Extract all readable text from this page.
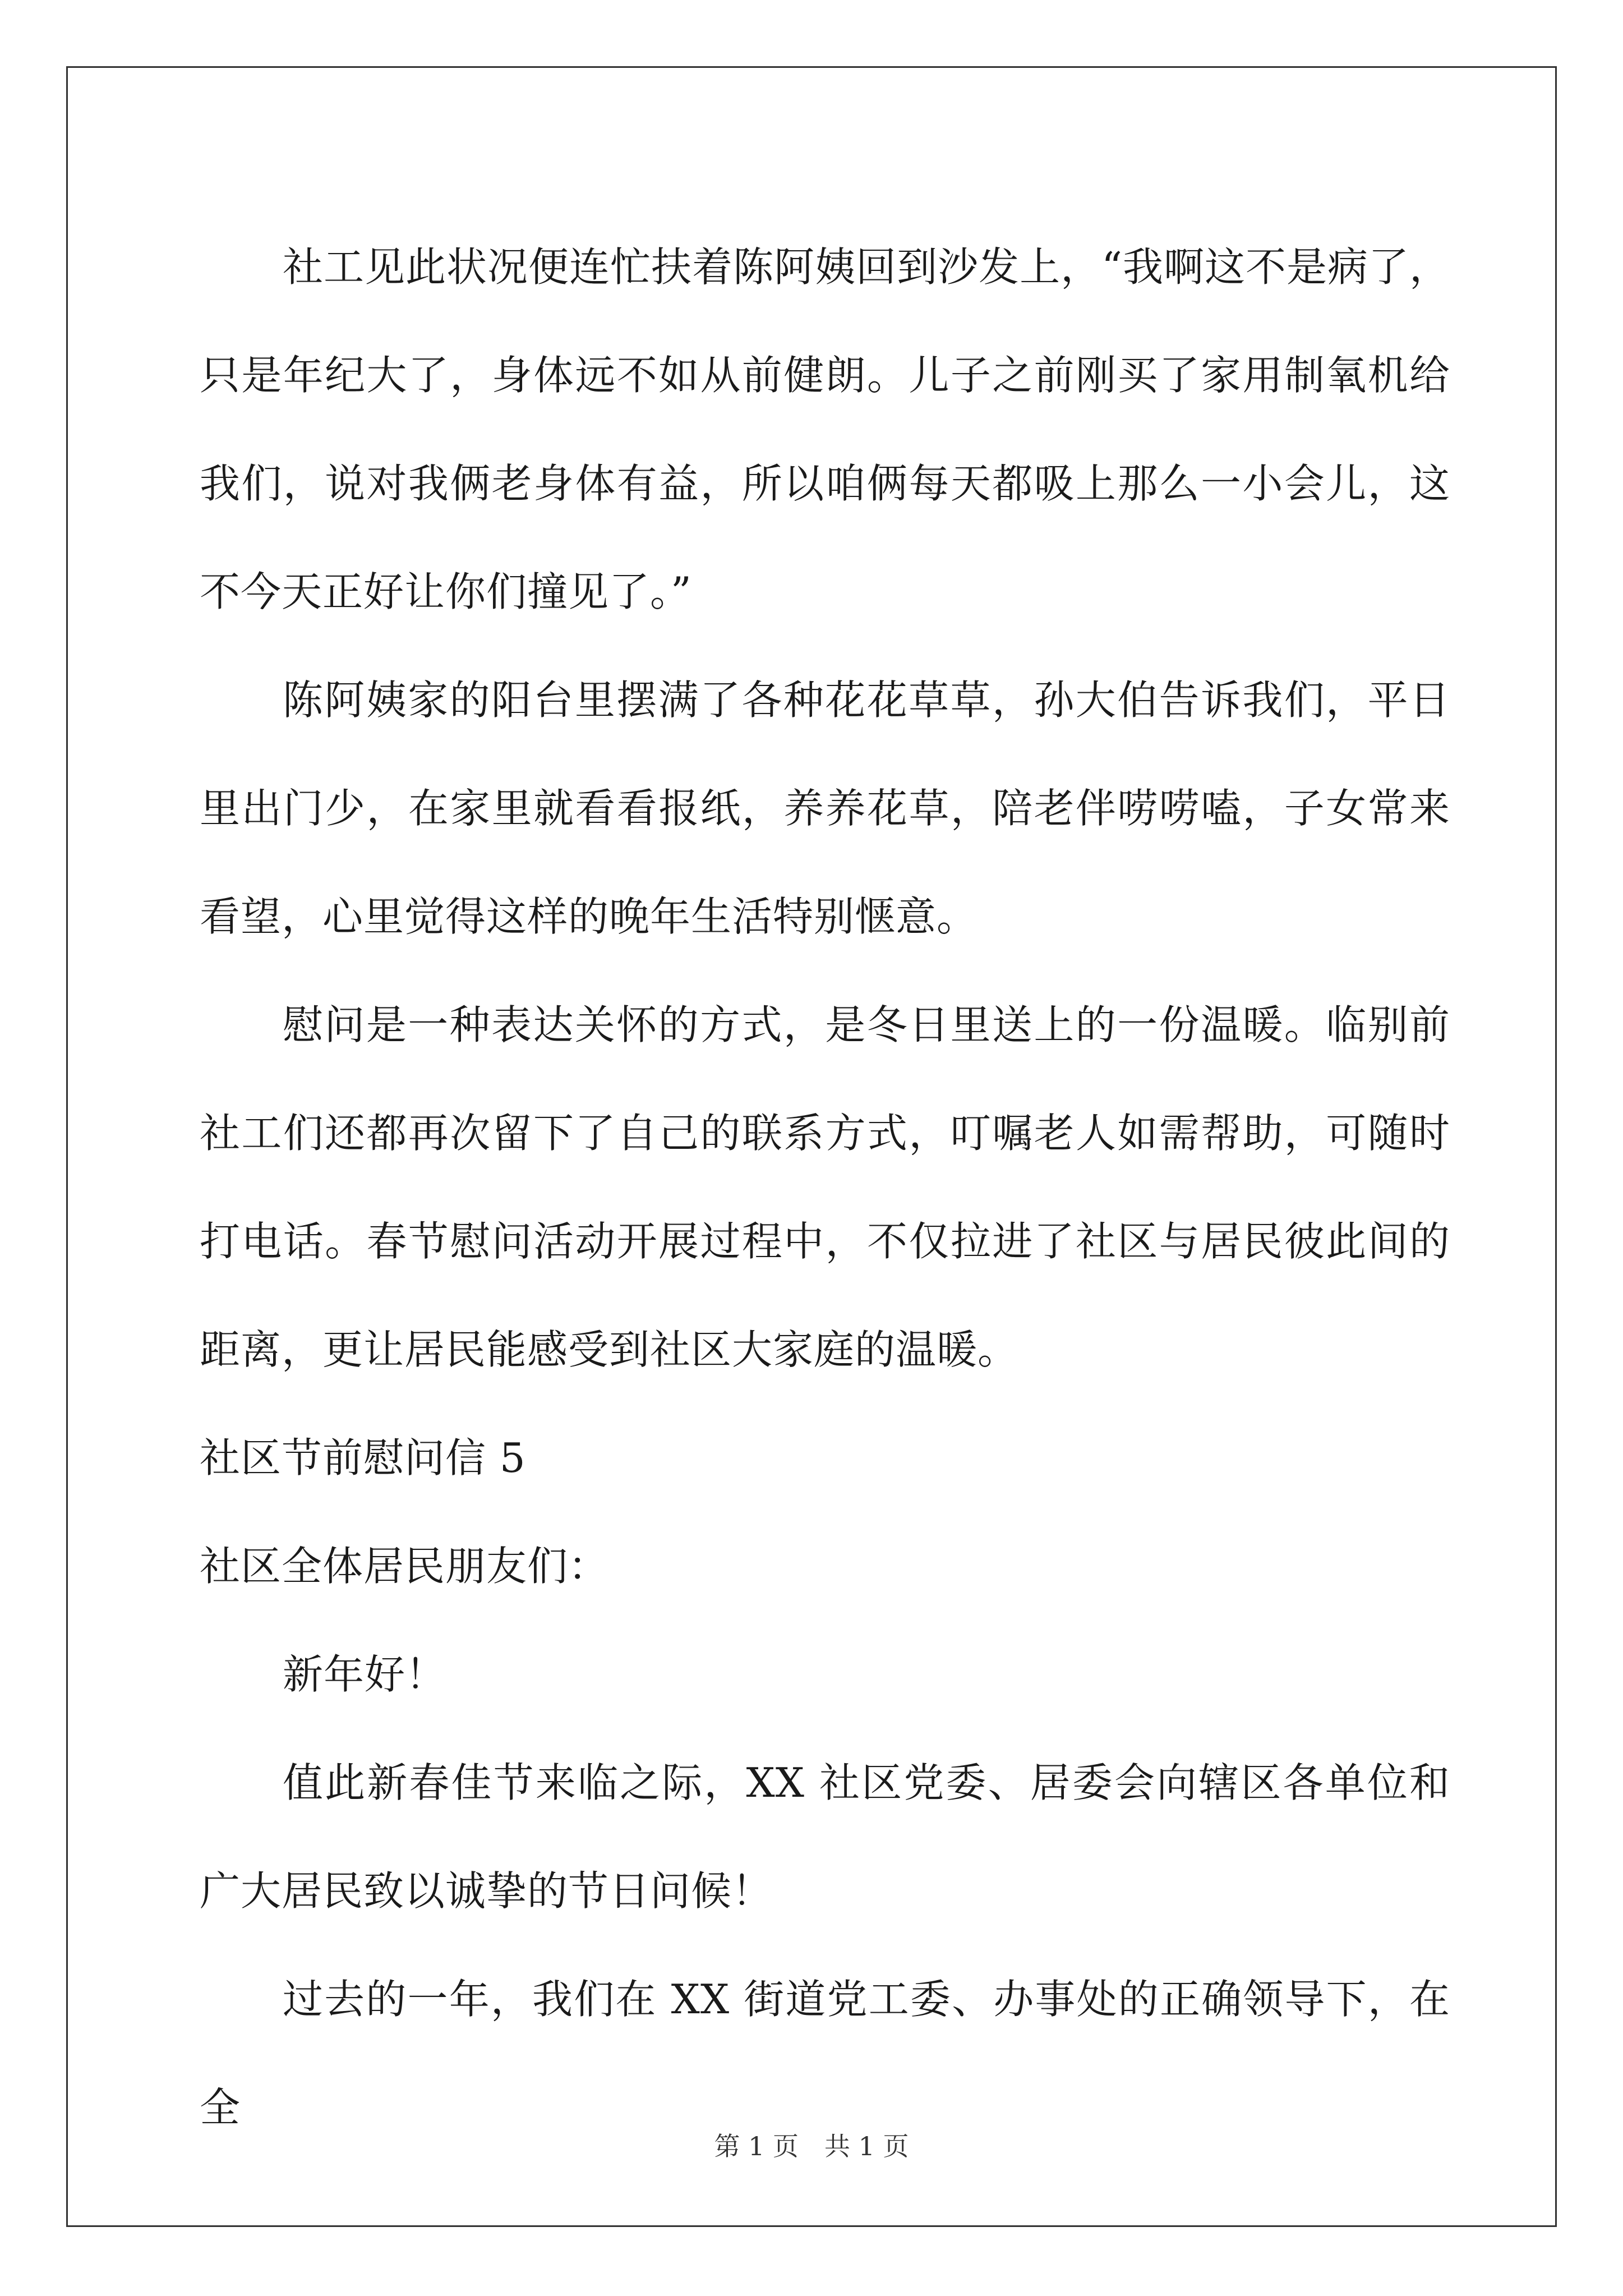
社工见此状况便连忙扶着陈阿姨回到沙发上，“我啊这不是病了，只是年纪大了，身体远不如从前健朗。儿子之前刚买了家用制氧机给我们，说对我俩老身体有益，所以咱俩每天都吸上那么一小会儿，这不今天正好让你们撞见了。”

陈阿姨家的阳台里摆满了各种花花草草，孙大伯告诉我们，平日里出门少，在家里就看看报纸，养养花草，陪老伴唠唠嗑，子女常来看望，心里觉得这样的晚年生活特别惬意。

慰问是一种表达关怀的方式，是冬日里送上的一份温暖。临别前社工们还都再次留下了自己的联系方式，叮嘱老人如需帮助，可随时打电话。春节慰问活动开展过程中，不仅拉进了社区与居民彼此间的距离，更让居民能感受到社区大家庭的温暖。

社区节前慰问信 5

社区全体居民朋友们：

新年好！

值此新春佳节来临之际，XX 社区党委、居委会向辖区各单位和广大居民致以诚挚的节日问候！

过去的一年，我们在 XX 街道党工委、办事处的正确领导下，在全

第 1 页　共 1 页
